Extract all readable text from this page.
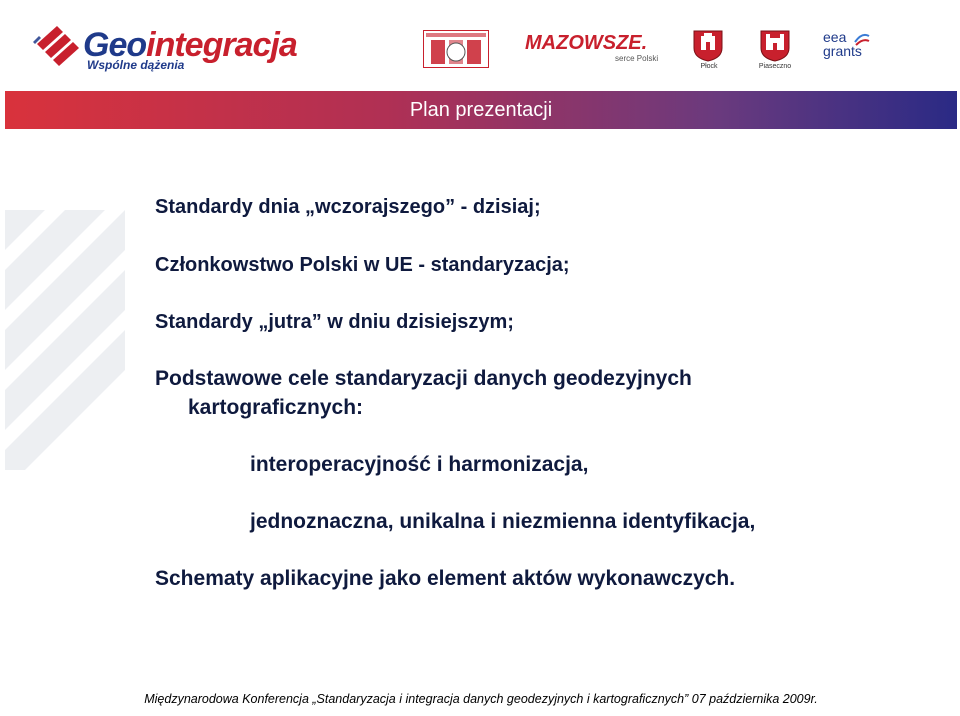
Geointegracja
Wspólne dążenia
MAZOWSZE.
serce Polski
Płock	Piaseczno
eea
grants
Plan prezentacji
Standardy dnia „wczorajszego” - dzisiaj;
Członkowstwo Polski w UE - standaryzacja;
Standardy „jutra” w dniu dzisiejszym;
Podstawowe cele standaryzacji danych geodezyjnych
kartograficznych:
interoperacyjność i harmonizacja,
jednoznaczna, unikalna i niezmienna identyfikacja,
Schematy aplikacyjne jako element aktów wykonawczych.
Międzynarodowa Konferencja „Standaryzacja i integracja danych geodezyjnych i kartograficznych” 07 października 2009r.
